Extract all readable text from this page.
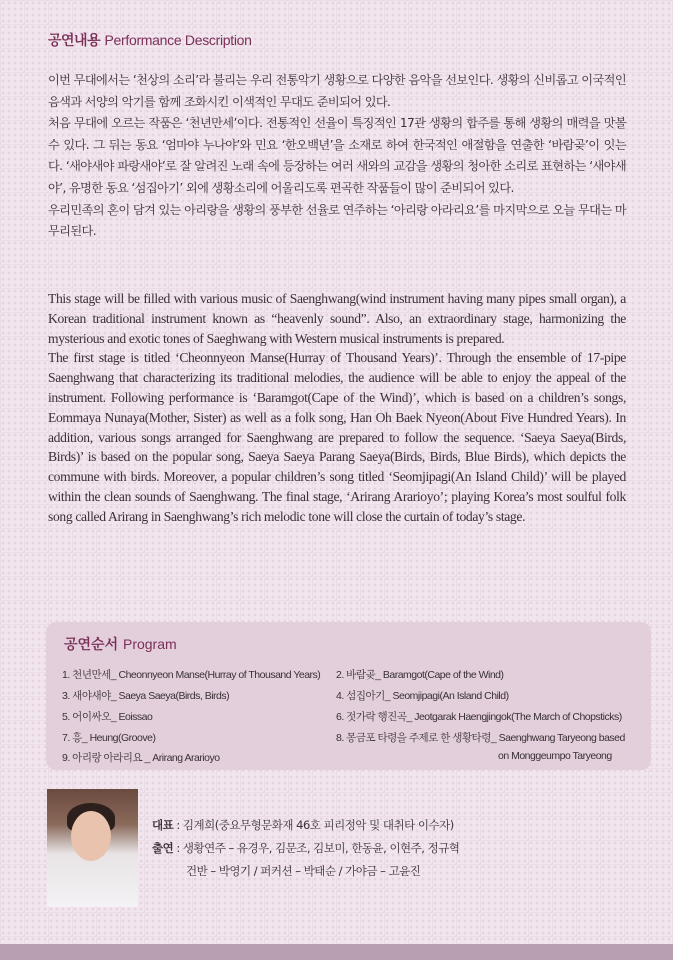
공연내용 Performance Description

이번 무대에서는 ‘천상의 소리’라 불리는 우리 전통악기 생황으로 다양한 음악을 선보인다. 생황의 신비롭고 이국적인 음색과 서양의 악기를 함께 조화시킨 이색적인 무대도 준비되어 있다.

처음 무대에 오르는 작품은 ‘천년만세’이다. 전통적인 선율이 특징적인 17관 생황의 합주를 통해 생황의 매력을 맛볼 수 있다. 그 뒤는 동요 ‘엄마야 누나야’와 민요 ‘한오백년’을 소재로 하여 한국적인 애절함을 연출한 ‘바람곶’이 잇는다. ‘새야새야 파랑새야’로 잘 알려진 노래 속에 등장하는 여러 새와의 교감을 생황의 청아한 소리로 표현하는 ‘새야새야’, 유명한 동요 ‘섬집아기’ 외에 생황소리에 어울리도록 편곡한 작품들이 많이 준비되어 있다.

우리민족의 혼이 담겨 있는 아리랑을 생황의 풍부한 선율로 연주하는 ‘아리랑 아라리요’를 마지막으로 오늘 무대는 마무리된다.

This stage will be filled with various music of Saenghwang(wind instrument having many pipes small organ), a Korean traditional instrument known as “heavenly sound”. Also, an extraordinary stage, harmonizing the mysterious and exotic tones of Saeghwang with Western musical instruments is prepared.

The first stage is titled ‘Cheonnyeon Manse(Hurray of Thousand Years)’. Through the ensemble of 17-pipe Saenghwang that characterizing its traditional melodies, the audience will be able to enjoy the appeal of the instrument. Following performance is ‘Baramgot(Cape of the Wind)’, which is based on a children’s songs, Eommaya Nunaya(Mother, Sister) as well as a folk song, Han Oh Baek Nyeon(About Five Hundred Years). In addition, various songs arranged for Saenghwang are prepared to follow the sequence. ‘Saeya Saeya(Birds, Birds)’ is based on the popular song, Saeya Saeya Parang Saeya(Birds, Birds, Blue Birds), which depicts the commune with birds. Moreover, a popular children’s song titled ‘Seomjipagi(An Island Child)’ will be played within the clean sounds of Saenghwang. The final stage, ‘Arirang Ararioyo’; playing Korea’s most soulful folk song called Arirang in Saenghwang’s rich melodic tone will close the curtain of today’s stage.

공연순서 Program
1. 천년만세_ Cheonnyeon Manse(Hurray of Thousand Years) 2. 바람곶_ Baramgot(Cape of the Wind)
3. 새야새야_ Saeya Saeya(Birds, Birds)	4. 섬집아기_ Seomjipagi(An Island Child)
5. 어이싸오_ Eoissao	6. 젓가락 행진곡_ Jeotgarak Haengjingok(The March of Chopsticks)
7. 흥_ Heung(Groove)	8. 몽금포 타령을 주제로 한 생황타령_ Saenghwang Taryeong based
9. 아리랑 아라리요 _ Arirang Ararioyo	on Monggeumpo Taryeong
대표 : 김계희(중요무형문화재 46호 피리정악 및 대취타 이수자)
출연 : 생황연주 – 유경우, 김문조, 김보미, 한동윤, 이현주, 정규혁
건반 – 박영기 / 퍼커션 – 박태순 / 가야금 – 고윤진
